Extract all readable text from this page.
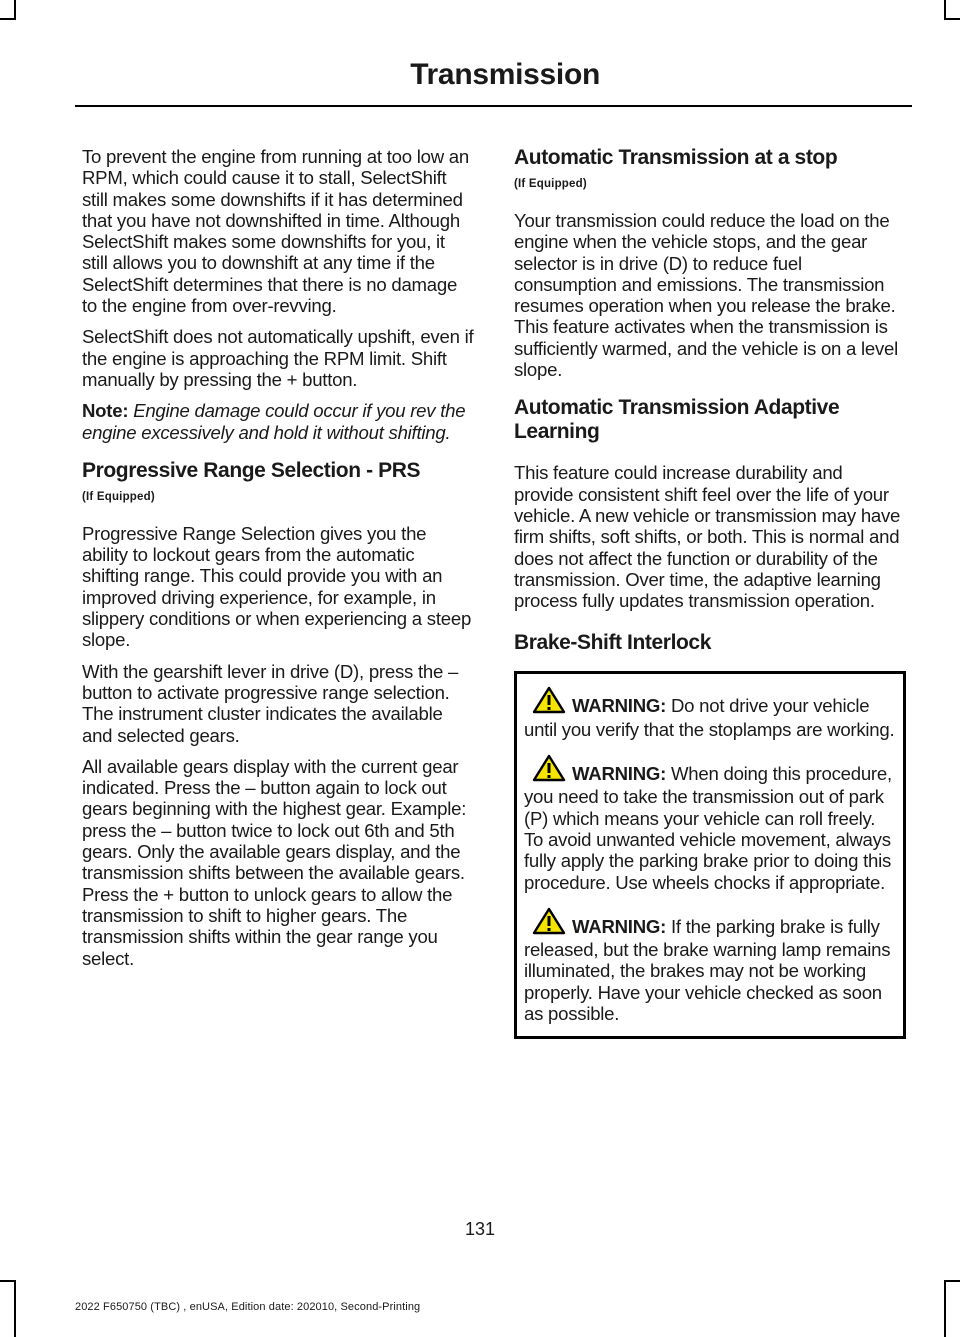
Transmission

To prevent the engine from running at too low an RPM, which could cause it to stall, SelectShift still makes some downshifts if it has determined that you have not downshifted in time. Although SelectShift makes some downshifts for you, it still allows you to downshift at any time if the SelectShift determines that there is no damage to the engine from over-revving.

SelectShift does not automatically upshift, even if the engine is approaching the RPM limit. Shift manually by pressing the + button.

Note: Engine damage could occur if you rev the engine excessively and hold it without shifting.

Progressive Range Selection - PRS
(If Equipped)

Progressive Range Selection gives you the ability to lockout gears from the automatic shifting range. This could provide you with an improved driving experience, for example, in slippery conditions or when experiencing a steep slope.

With the gearshift lever in drive (D), press the – button to activate progressive range selection. The instrument cluster indicates the available and selected gears.

All available gears display with the current gear indicated. Press the – button again to lock out gears beginning with the highest gear. Example: press the – button twice to lock out 6th and 5th gears. Only the available gears display, and the transmission shifts between the available gears. Press the + button to unlock gears to allow the transmission to shift to higher gears. The transmission shifts within the gear range you select.

Automatic Transmission at a stop
(If Equipped)

Your transmission could reduce the load on the engine when the vehicle stops, and the gear selector is in drive (D) to reduce fuel consumption and emissions. The transmission resumes operation when you release the brake. This feature activates when the transmission is sufficiently warmed, and the vehicle is on a level slope.

Automatic Transmission Adaptive Learning

This feature could increase durability and provide consistent shift feel over the life of your vehicle. A new vehicle or transmission may have firm shifts, soft shifts, or both. This is normal and does not affect the function or durability of the transmission. Over time, the adaptive learning process fully updates transmission operation.

Brake-Shift Interlock

WARNING: Do not drive your vehicle until you verify that the stoplamps are working.

WARNING: When doing this procedure, you need to take the transmission out of park (P) which means your vehicle can roll freely. To avoid unwanted vehicle movement, always fully apply the parking brake prior to doing this procedure. Use wheels chocks if appropriate.

WARNING: If the parking brake is fully released, but the brake warning lamp remains illuminated, the brakes may not be working properly. Have your vehicle checked as soon as possible.

131
2022 F650750 (TBC) , enUSA, Edition date: 202010, Second-Printing
